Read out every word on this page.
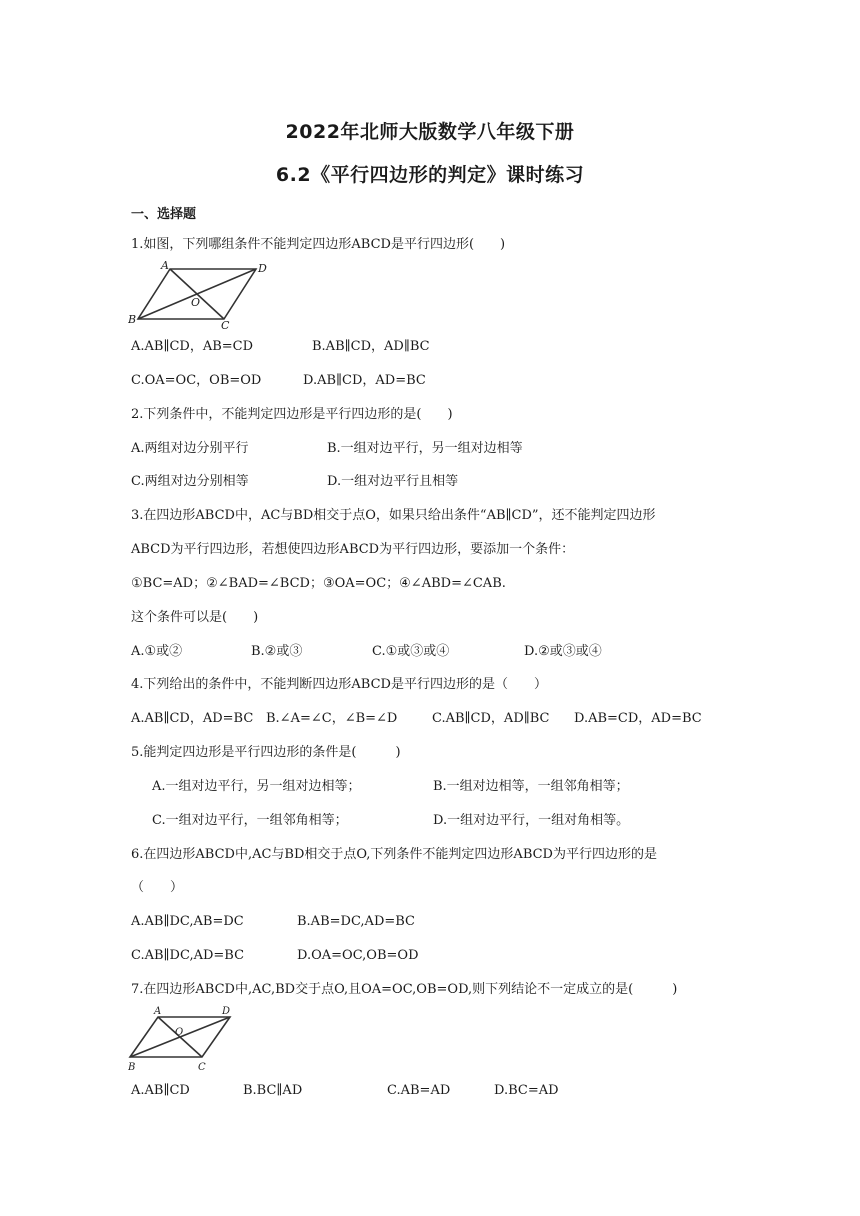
2022年北师大版数学八年级下册
6.2《平行四边形的判定》课时练习
一、选择题
1.如图，下列哪组条件不能判定四边形ABCD是平行四边形(　　)
A	D
B	C
O
A.AB∥CD，AB=CD	B.AB∥CD，AD∥BC
C.OA=OC，OB=OD	D.AB∥CD，AD=BC
2.下列条件中，不能判定四边形是平行四边形的是(　　)
A.两组对边分别平行	B.一组对边平行，另一组对边相等
C.两组对边分别相等	D.一组对边平行且相等
3.在四边形ABCD中，AC与BD相交于点O，如果只给出条件“AB∥CD”，还不能判定四边形
ABCD为平行四边形，若想使四边形ABCD为平行四边形，要添加一个条件：
①BC=AD；②∠BAD=∠BCD；③OA=OC；④∠ABD=∠CAB.
这个条件可以是(　　)
A.①或②	B.②或③	C.①或③或④	D.②或③或④
4.下列给出的条件中，不能判断四边形ABCD是平行四边形的是（　　）
A.AB∥CD，AD=BC B.∠A=∠C，∠B=∠D	C.AB∥CD，AD∥BC D.AB=CD，AD=BC
5.能判定四边形是平行四边形的条件是(　　　)
A.一组对边平行，另一组对边相等；	B.一组对边相等，一组邻角相等；
C.一组对边平行，一组邻角相等；	D.一组对边平行，一组对角相等。
6.在四边形ABCD中,AC与BD相交于点O,下列条件不能判定四边形ABCD为平行四边形的是
（　　）
A.AB∥DC,AB=DC	B.AB=DC,AD=BC
C.AB∥DC,AD=BC	D.OA=OC,OB=OD
7.在四边形ABCD中,AC,BD交于点O,且OA=OC,OB=OD,则下列结论不一定成立的是(　　　)
A	D
B	C
O
A.AB∥CD	B.BC∥AD	C.AB=AD	D.BC=AD
